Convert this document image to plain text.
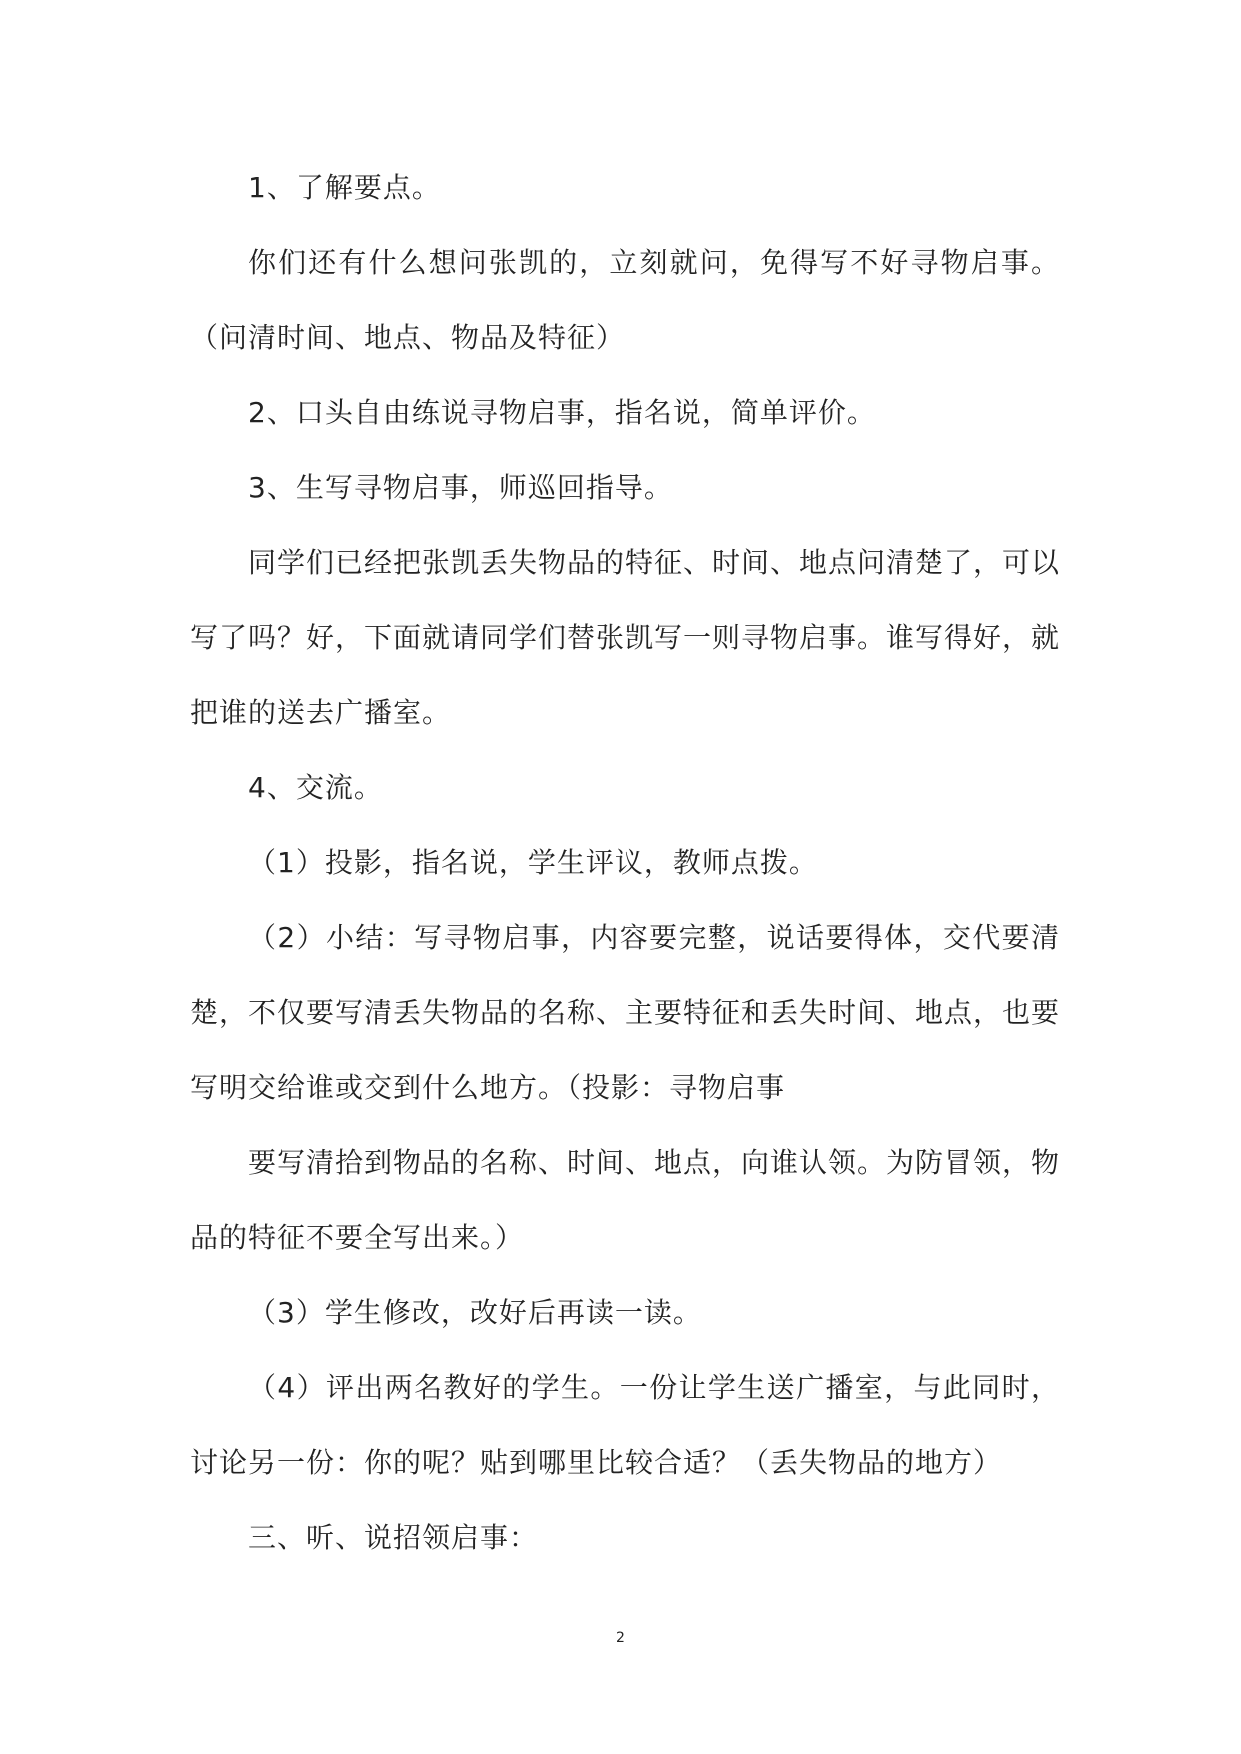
1、了解要点。

你们还有什么想问张凯的，立刻就问，免得写不好寻物启事。（问清时间、地点、物品及特征）

2、口头自由练说寻物启事，指名说，简单评价。

3、生写寻物启事，师巡回指导。

同学们已经把张凯丢失物品的特征、时间、地点问清楚了，可以写了吗？好，下面就请同学们替张凯写一则寻物启事。谁写得好，就把谁的送去广播室。

4、交流。

（1）投影，指名说，学生评议，教师点拨。

（2）小结：写寻物启事，内容要完整，说话要得体，交代要清楚，不仅要写清丢失物品的名称、主要特征和丢失时间、地点，也要写明交给谁或交到什么地方。（投影：寻物启事

要写清拾到物品的名称、时间、地点，向谁认领。为防冒领，物品的特征不要全写出来。）

（3）学生修改，改好后再读一读。

（4）评出两名教好的学生。一份让学生送广播室，与此同时，讨论另一份：你的呢？贴到哪里比较合适？（丢失物品的地方）

三、听、说招领启事：

2
